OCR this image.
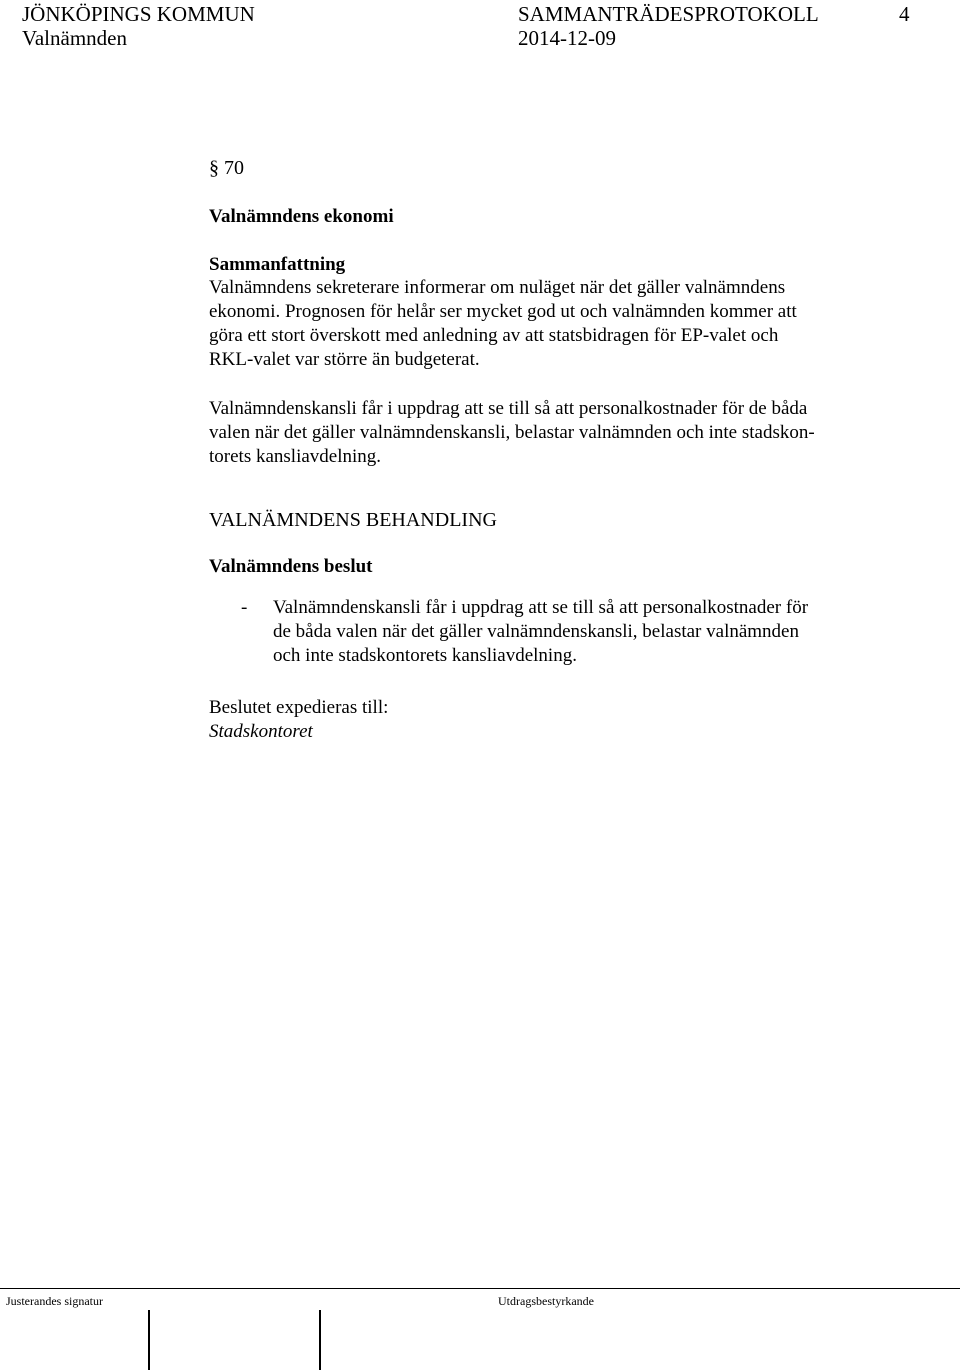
JÖNKÖPINGS KOMMUN	SAMMANTRÄDESPROTOKOLL	4
Valnämnden	2014-12-09
§ 70
Valnämndens ekonomi
Sammanfattning
Valnämndens sekreterare informerar om nuläget när det gäller valnämndens
ekonomi. Prognosen för helår ser mycket god ut och valnämnden kommer att
göra ett stort överskott med anledning av att statsbidragen för EP-valet och
RKL-valet var större än budgeterat.
Valnämndenskansli får i uppdrag att se till så att personalkostnader för de båda
valen när det gäller valnämndenskansli, belastar valnämnden och inte stadskon-
torets kansliavdelning.
VALNÄMNDENS BEHANDLING
Valnämndens beslut
- Valnämndenskansli får i uppdrag att se till så att personalkostnader för
de båda valen när det gäller valnämndenskansli, belastar valnämnden
och inte stadskontorets kansliavdelning.
Beslutet expedieras till:
Stadskontoret
Justerandes signatur	Utdragsbestyrkande
